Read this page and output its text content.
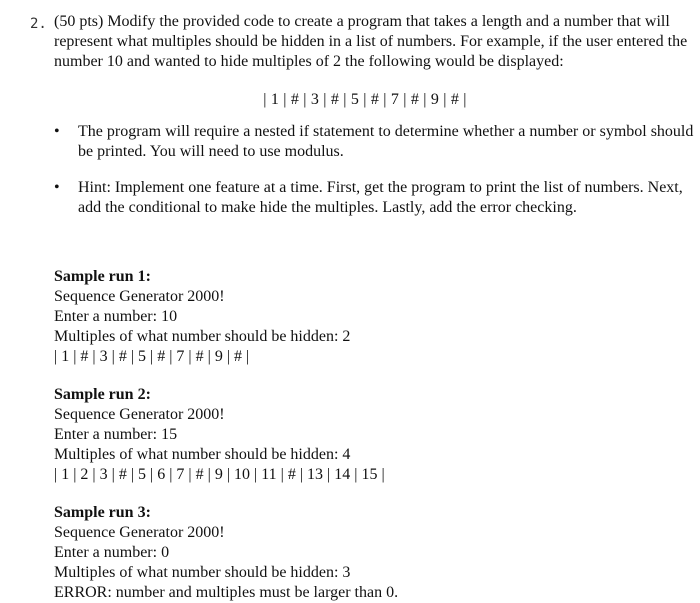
2. (50 pts) Modify the provided code to create a program that takes a length and a number that will represent what multiples should be hidden in a list of numbers. For example, if the user entered the number 10 and wanted to hide multiples of 2 the following would be displayed:

| 1 | # | 3 | # | 5 | # | 7 | # | 9 | # |
• The program will require a nested if statement to determine whether a number or symbol should be printed. You will need to use modulus.
• Hint: Implement one feature at a time. First, get the program to print the list of numbers. Next, add the conditional to make hide the multiples. Lastly, add the error checking.
Sample run 1:
Sequence Generator 2000!
Enter a number: 10
Multiples of what number should be hidden: 2
| 1 | # | 3 | # | 5 | # | 7 | # | 9 | # |
Sample run 2:
Sequence Generator 2000!
Enter a number: 15
Multiples of what number should be hidden: 4
| 1 | 2 | 3 | # | 5 | 6 | 7 | # | 9 | 10 | 11 | # | 13 | 14 | 15 |
Sample run 3:
Sequence Generator 2000!
Enter a number: 0
Multiples of what number should be hidden: 3
ERROR: number and multiples must be larger than 0.
